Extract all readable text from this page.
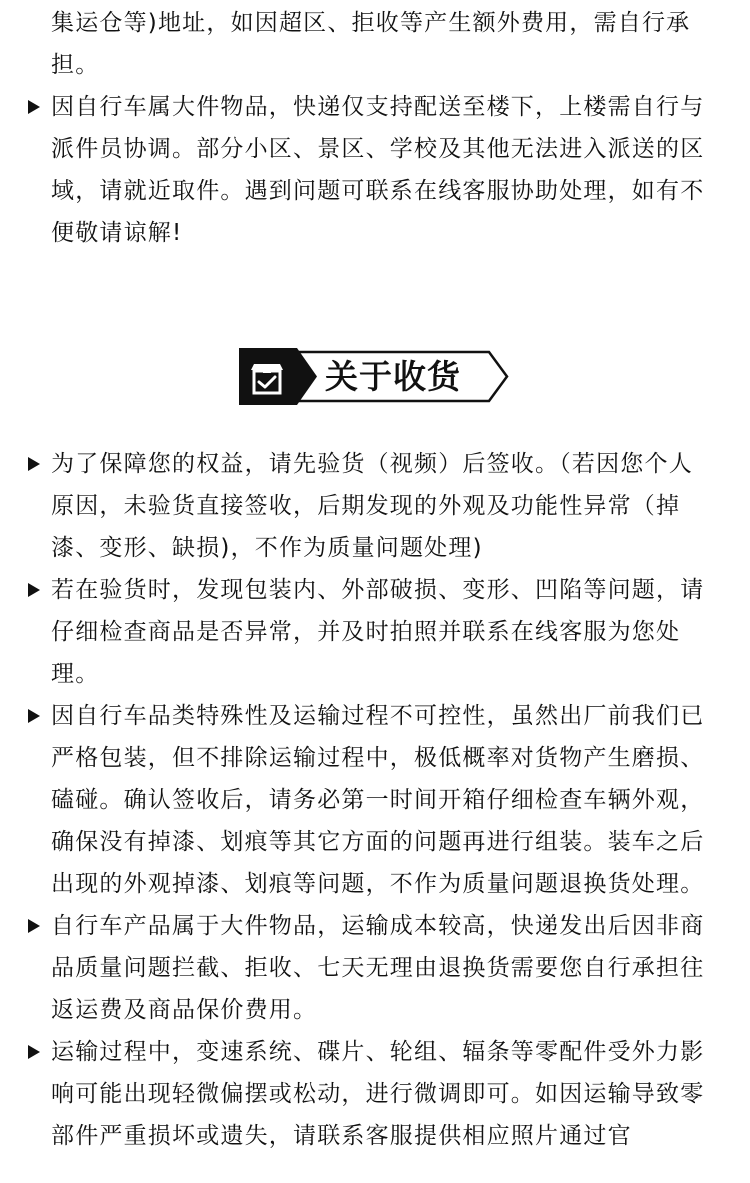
集运仓等)地址，如因超区、拒收等产生额外费用，需自行承担。
因自行车属大件物品，快递仅支持配送至楼下，上楼需自行与派件员协调。部分小区、景区、学校及其他无法进入派送的区域，请就近取件。遇到问题可联系在线客服协助处理，如有不便敬请谅解!
关于收货
为了保障您的权益，请先验货（视频）后签收。（若因您个人原因，未验货直接签收，后期发现的外观及功能性异常（掉漆、变形、缺损)，不作为质量问题处理)
若在验货时，发现包装内、外部破损、变形、凹陷等问题，请仔细检查商品是否异常，并及时拍照并联系在线客服为您处理。
因自行车品类特殊性及运输过程不可控性，虽然出厂前我们已严格包装，但不排除运输过程中，极低概率对货物产生磨损、磕碰。确认签收后，请务必第一时间开箱仔细检查车辆外观，确保没有掉漆、划痕等其它方面的问题再进行组装。装车之后出现的外观掉漆、划痕等问题，不作为质量问题退换货处理。
自行车产品属于大件物品，运输成本较高，快递发出后因非商品质量问题拦截、拒收、七天无理由退换货需要您自行承担往返运费及商品保价费用。
运输过程中，变速系统、碟片、轮组、辐条等零配件受外力影响可能出现轻微偏摆或松动，进行微调即可。如因运输导致零部件严重损坏或遗失，请联系客服提供相应照片通过官
